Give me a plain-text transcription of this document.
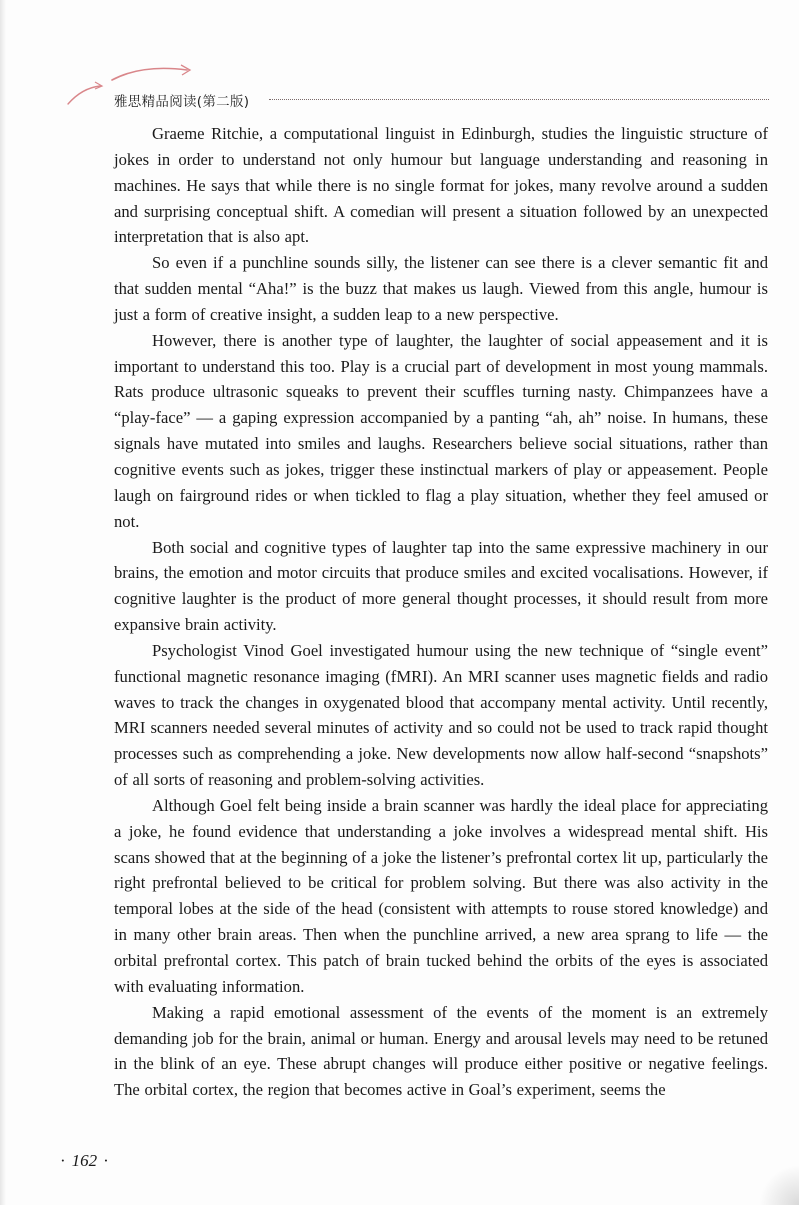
雅思精品阅读(第二版)

Graeme Ritchie, a computational linguist in Edinburgh, studies the linguistic structure of jokes in order to understand not only humour but language understanding and reasoning in machines. He says that while there is no single format for jokes, many revolve around a sudden and surprising conceptual shift. A comedian will present a situation followed by an unexpected interpretation that is also apt.

So even if a punchline sounds silly, the listener can see there is a clever semantic fit and that sudden mental “Aha!” is the buzz that makes us laugh. Viewed from this angle, humour is just a form of creative insight, a sudden leap to a new perspective.

However, there is another type of laughter, the laughter of social appeasement and it is important to understand this too. Play is a crucial part of development in most young mammals. Rats produce ultrasonic squeaks to prevent their scuffles turning nasty. Chimpanzees have a “play-face” — a gaping expression accompanied by a panting “ah, ah” noise. In humans, these signals have mutated into smiles and laughs. Researchers believe social situations, rather than cognitive events such as jokes, trigger these instinctual markers of play or appeasement. People laugh on fairground rides or when tickled to flag a play situation, whether they feel amused or not.

Both social and cognitive types of laughter tap into the same expressive machinery in our brains, the emotion and motor circuits that produce smiles and excited vocalisations. However, if cognitive laughter is the product of more general thought processes, it should result from more expansive brain activity.

Psychologist Vinod Goel investigated humour using the new technique of “single event” functional magnetic resonance imaging (fMRI). An MRI scanner uses magnetic fields and radio waves to track the changes in oxygenated blood that accompany mental activity. Until recently, MRI scanners needed several minutes of activity and so could not be used to track rapid thought processes such as comprehending a joke. New developments now allow half-second “snapshots” of all sorts of reasoning and problem-solving activities.

Although Goel felt being inside a brain scanner was hardly the ideal place for appreciating a joke, he found evidence that understanding a joke involves a widespread mental shift. His scans showed that at the beginning of a joke the listener’s prefrontal cortex lit up, particularly the right prefrontal believed to be critical for problem solving. But there was also activity in the temporal lobes at the side of the head (consistent with attempts to rouse stored knowledge) and in many other brain areas. Then when the punchline arrived, a new area sprang to life — the orbital prefrontal cortex. This patch of brain tucked behind the orbits of the eyes is associated with evaluating information.

Making a rapid emotional assessment of the events of the moment is an extremely demanding job for the brain, animal or human. Energy and arousal levels may need to be retuned in the blink of an eye. These abrupt changes will produce either positive or negative feelings. The orbital cortex, the region that becomes active in Goal’s experiment, seems the

· 162 ·
